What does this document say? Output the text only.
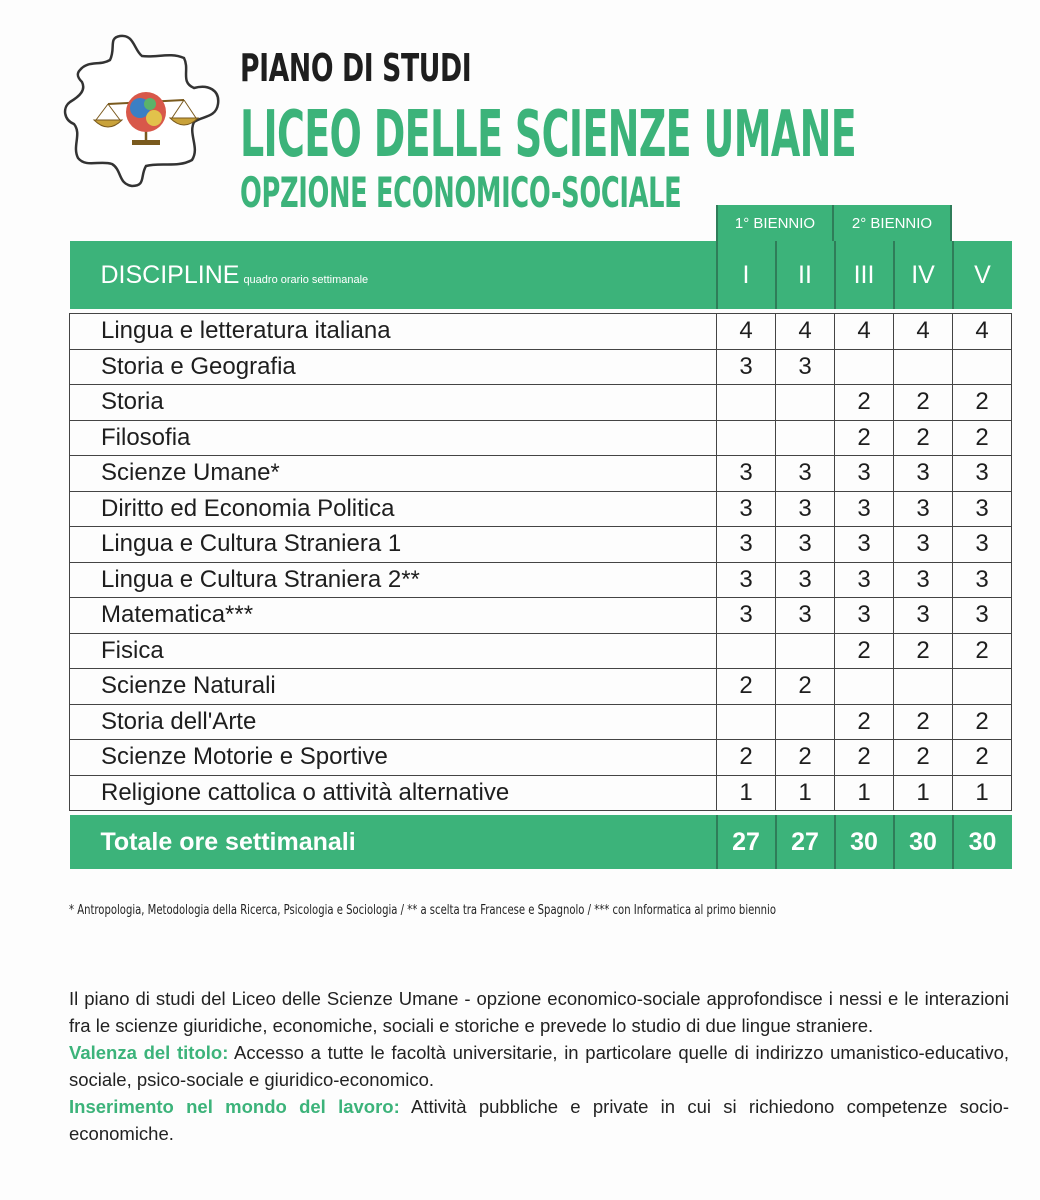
PIANO DI STUDI
LICEO DELLE SCIENZE UMANE
OPZIONE ECONOMICO-SOCIALE
1° BIENNIO	2° BIENNIO
DISCIPLINE quadro orario settimanale	I	II	III	IV	V

Lingua e letteratura italiana	4	4	4	4	4
Storia e Geografia	3	3			
Storia			2	2	2
Filosofia			2	2	2
Scienze Umane*	3	3	3	3	3
Diritto ed Economia Politica	3	3	3	3	3
Lingua e Cultura Straniera 1	3	3	3	3	3
Lingua e Cultura Straniera 2**	3	3	3	3	3
Matematica***	3	3	3	3	3
Fisica			2	2	2
Scienze Naturali	2	2			
Storia dell'Arte			2	2	2
Scienze Motorie e Sportive	2	2	2	2	2
Religione cattolica o attività alternative	1	1	1	1	1

Totale ore settimanali	27	27	30	30	30
* Antropologia, Metodologia della Ricerca, Psicologia e Sociologia / ** a scelta tra Francese e Spagnolo / *** con Informatica al primo biennio

Il piano di studi del Liceo delle Scienze Umane - opzione economico-sociale approfondisce i nessi e le interazioni fra le scienze giuridiche, economiche, sociali e storiche e prevede lo studio di due lingue straniere.

Valenza del titolo: Accesso a tutte le facoltà universitarie, in particolare quelle di indirizzo umanistico-educativo, sociale, psico-sociale e giuridico-economico.

Inserimento nel mondo del lavoro: Attività pubbliche e private in cui si richiedono competenze socio-economiche.
